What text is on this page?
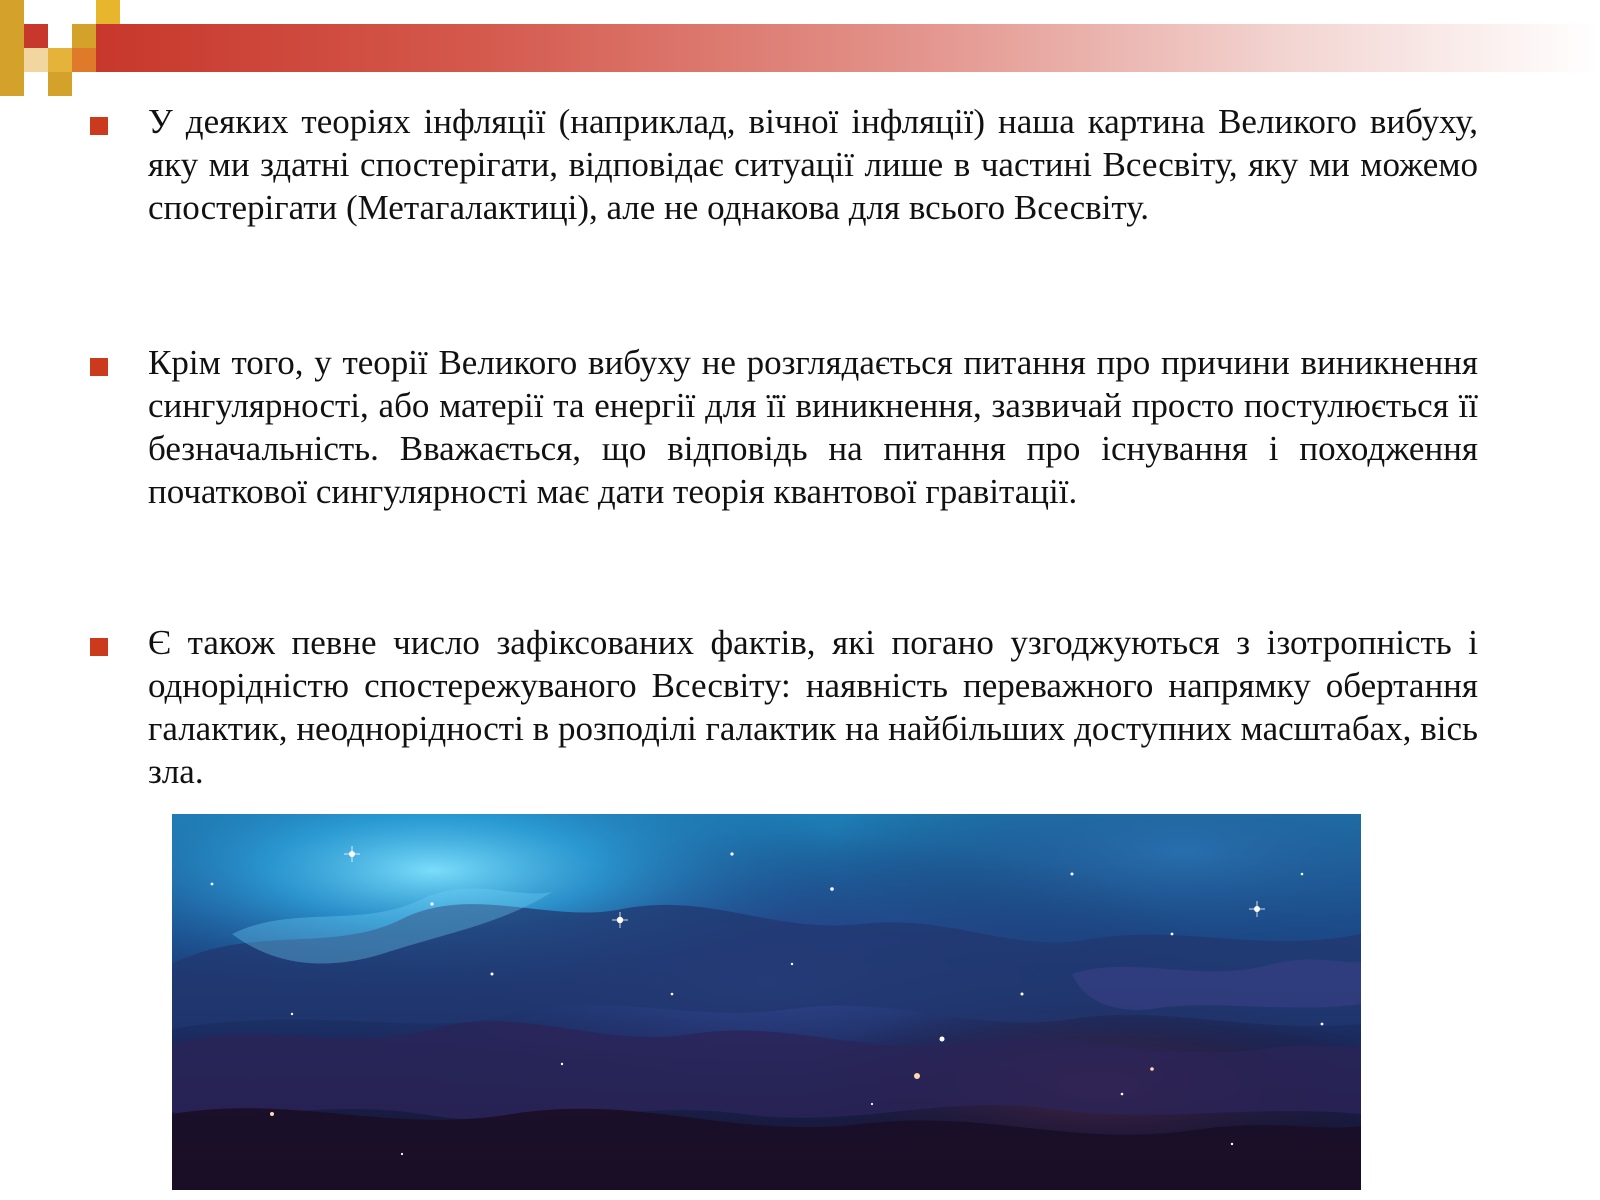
У деяких теоріях інфляції (наприклад, вічної інфляції) наша картина Великого вибуху, яку ми здатні спостерігати, відповідає ситуації лише в частині Всесвіту, яку ми можемо спостерігати (Метагалактиці), але не однакова для всього Всесвіту.

Крім того, у теорії Великого вибуху не розглядається питання про причини виникнення сингулярності, або матерії та енергії для її виникнення, зазвичай просто постулюється її безначальність. Вважається, що відповідь на питання про існування і походження початкової сингулярності має дати теорія квантової гравітації.

Є також певне число зафіксованих фактів, які погано узгоджуються з ізотропність і однорідністю спостережуваного Всесвіту: наявність переважного напрямку обертання галактик, неоднорідності в розподілі галактик на найбільших доступних масштабах, вісь зла.
